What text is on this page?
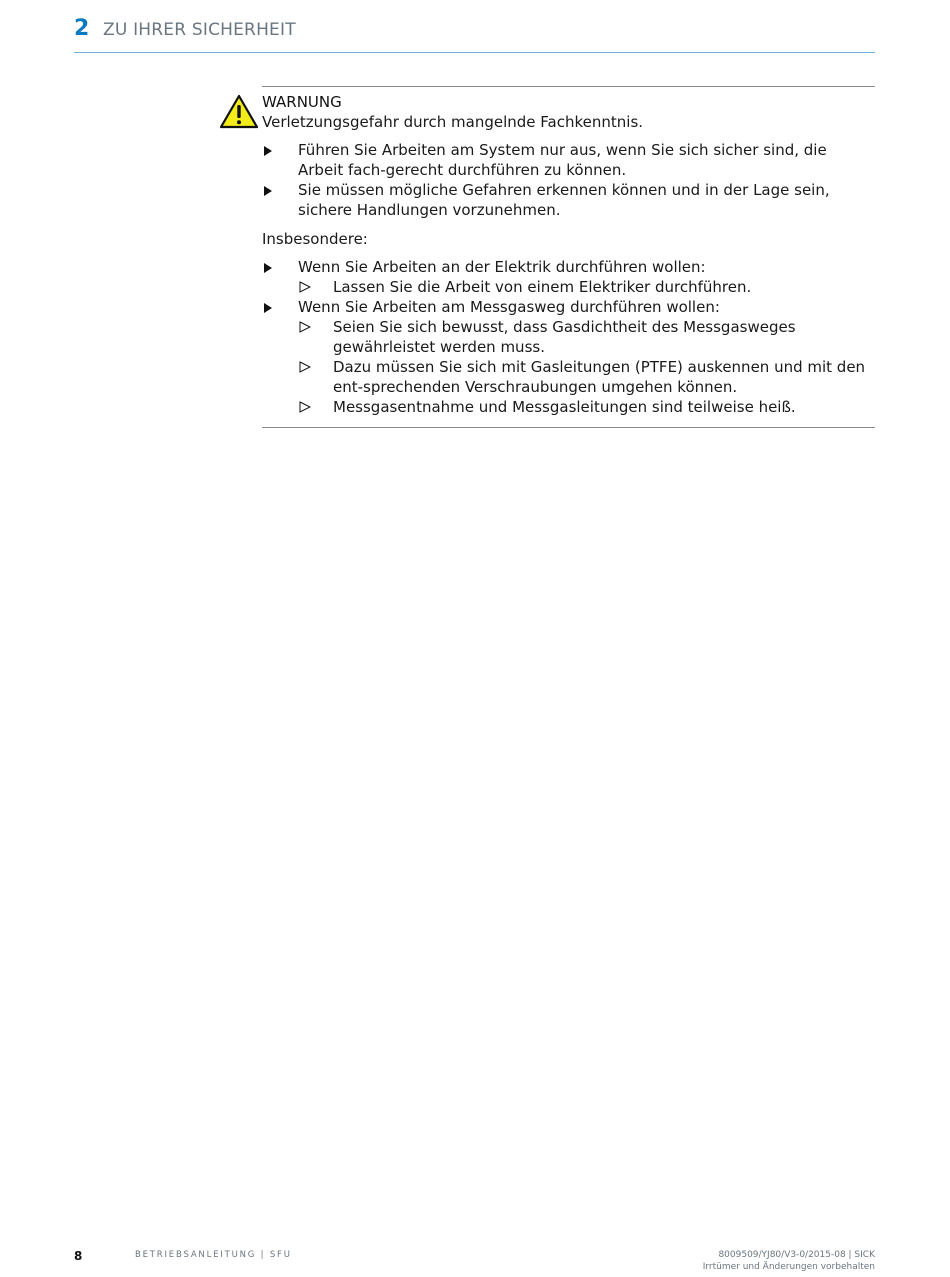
2 ZU IHRER SICHERHEIT

WARNUNG

Verletzungsgefahr durch mangelnde Fachkenntnis.

Führen Sie Arbeiten am System nur aus, wenn Sie sich sicher sind, die Arbeit fach-gerecht durchführen zu können.
Sie müssen mögliche Gefahren erkennen können und in der Lage sein, sichere Handlungen vorzunehmen.

Insbesondere:

Wenn Sie Arbeiten an der Elektrik durchführen wollen:
Lassen Sie die Arbeit von einem Elektriker durchführen.
Wenn Sie Arbeiten am Messgasweg durchführen wollen:
Seien Sie sich bewusst, dass Gasdichtheit des Messgasweges gewährleistet werden muss.
Dazu müssen Sie sich mit Gasleitungen (PTFE) auskennen und mit den ent-sprechenden Verschraubungen umgehen können.
Messgasentnahme und Messgasleitungen sind teilweise heiß.
8	BETRIEBSANLEITUNG | SFU	8009509/YJ80/V3-0/2015-08 | SICK
Irrtümer und Änderungen vorbehalten
